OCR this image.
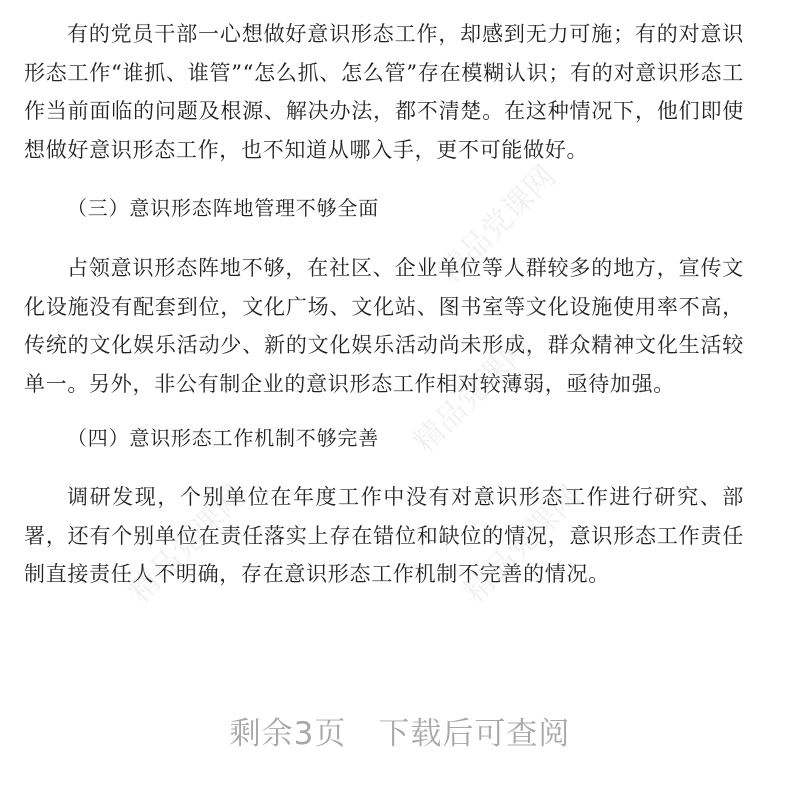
有的党员干部一心想做好意识形态工作，却感到无力可施；有的对意识形态工作“谁抓、谁管”“怎么抓、怎么管”存在模糊认识；有的对意识形态工作当前面临的问题及根源、解决办法，都不清楚。在这种情况下，他们即使想做好意识形态工作，也不知道从哪入手，更不可能做好。

（三）意识形态阵地管理不够全面

占领意识形态阵地不够，在社区、企业单位等人群较多的地方，宣传文化设施没有配套到位，文化广场、文化站、图书室等文化设施使用率不高，传统的文化娱乐活动少、新的文化娱乐活动尚未形成，群众精神文化生活较单一。另外，非公有制企业的意识形态工作相对较薄弱，亟待加强。

（四）意识形态工作机制不够完善

调研发现，个别单位在年度工作中没有对意识形态工作进行研究、部署，还有个别单位在责任落实上存在错位和缺位的情况，意识形态工作责任制直接责任人不明确，存在意识形态工作机制不完善的情况。

精品党课网
精品党课网
精品党课网	精品党课网
剩余3页 下载后可查阅
